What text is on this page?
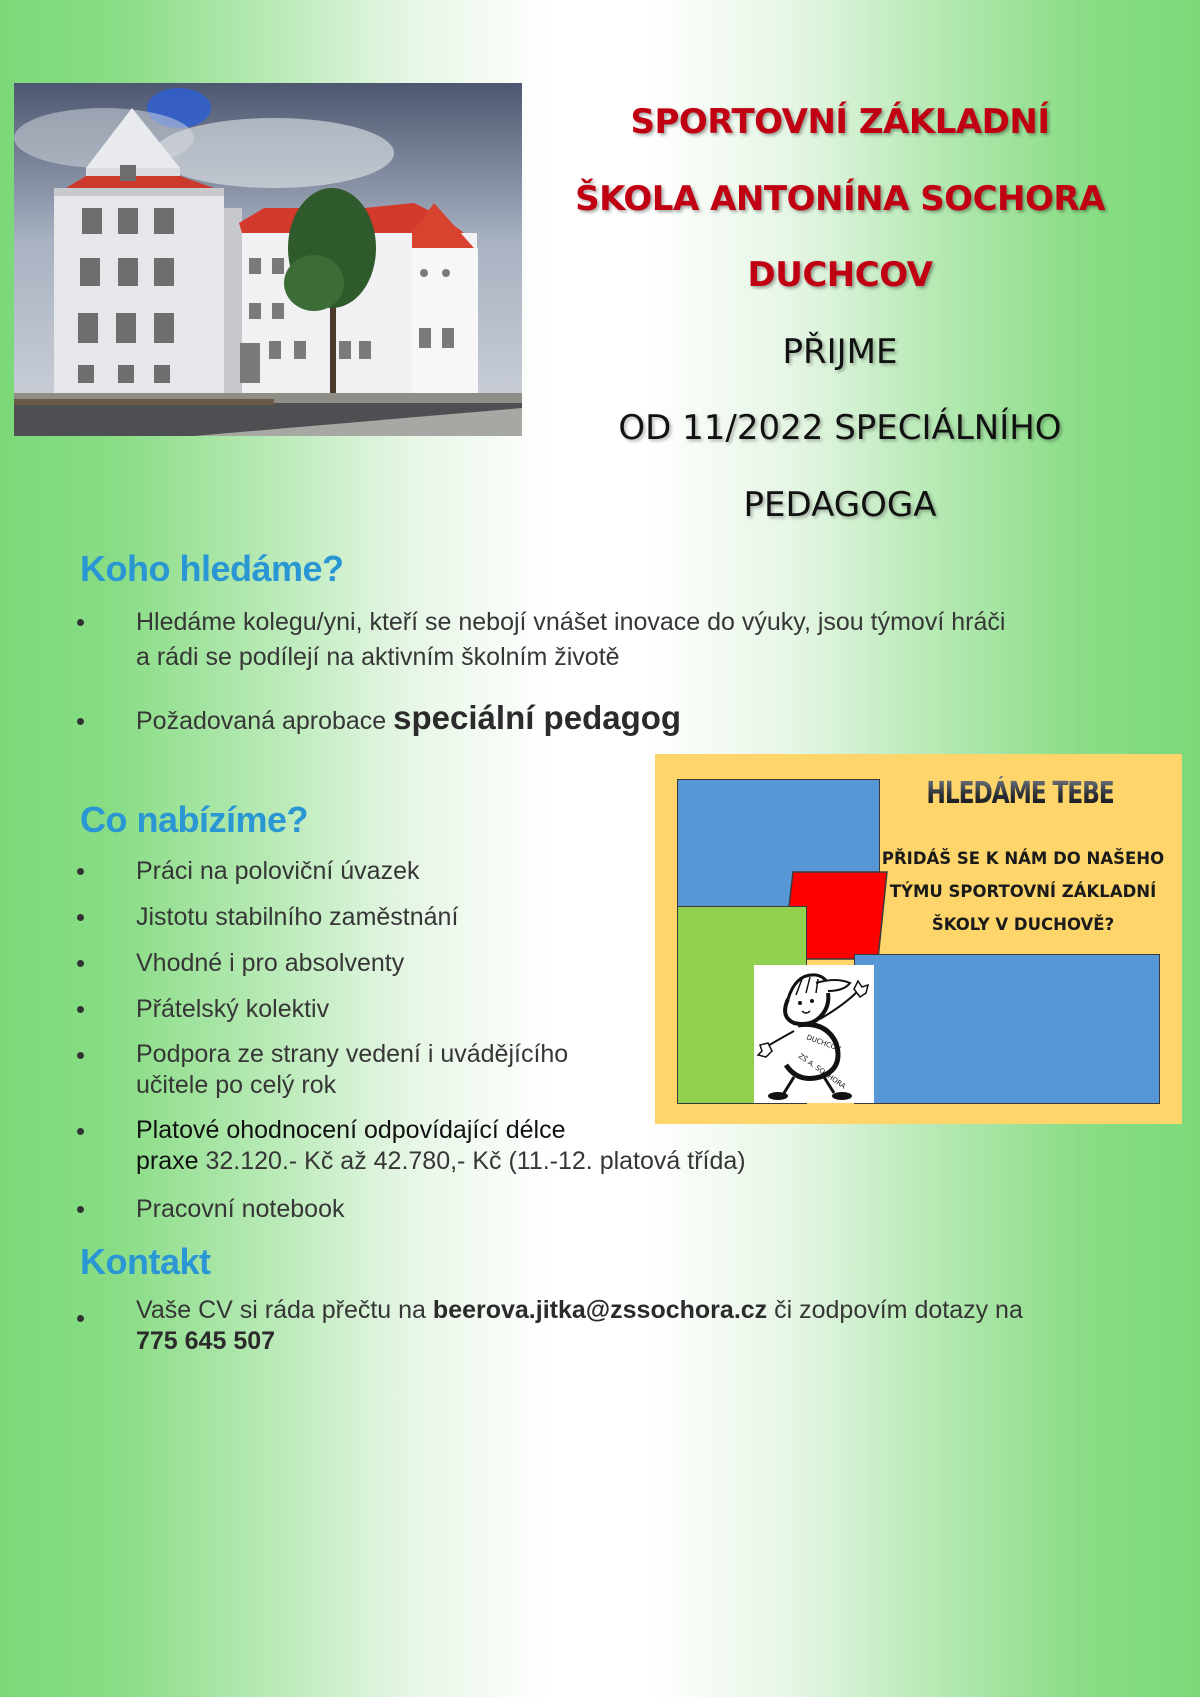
SPORTOVNÍ ZÁKLADNÍ
ŠKOLA ANTONÍNA SOCHORA
DUCHCOV
PŘIJME
OD 11/2022 SPECIÁLNÍHO
PEDAGOGA
Koho hledáme?
Hledáme kolegu/yni, kteří se nebojí vnášet inovace do výuky, jsou týmoví hráči
a rádi se podílejí na aktivním školním životě
Požadovaná aprobace speciální pedagog
Co nabízíme?
Práci na poloviční úvazek
Jistotu stabilního zaměstnání
Vhodné i pro absolventy
Přátelský kolektiv
Podpora ze strany vedení i uvádějícího
učitele po celý rok
Platové ohodnocení odpovídající délce
praxe 32.120.- Kč až 42.780,- Kč (11.-12. platová třída)
Pracovní notebook
Kontakt
Vaše CV si ráda přečtu na beerova.jitka@zssochora.cz či zodpovím dotazy na
775 645 507
DUCHCOV
ZŠ A. SOCHORA
HLEDÁME TEBE
PŘIDÁŠ SE K NÁM DO NAŠEHO
TÝMU SPORTOVNÍ ZÁKLADNÍ
ŠKOLY V DUCHOVĚ?
